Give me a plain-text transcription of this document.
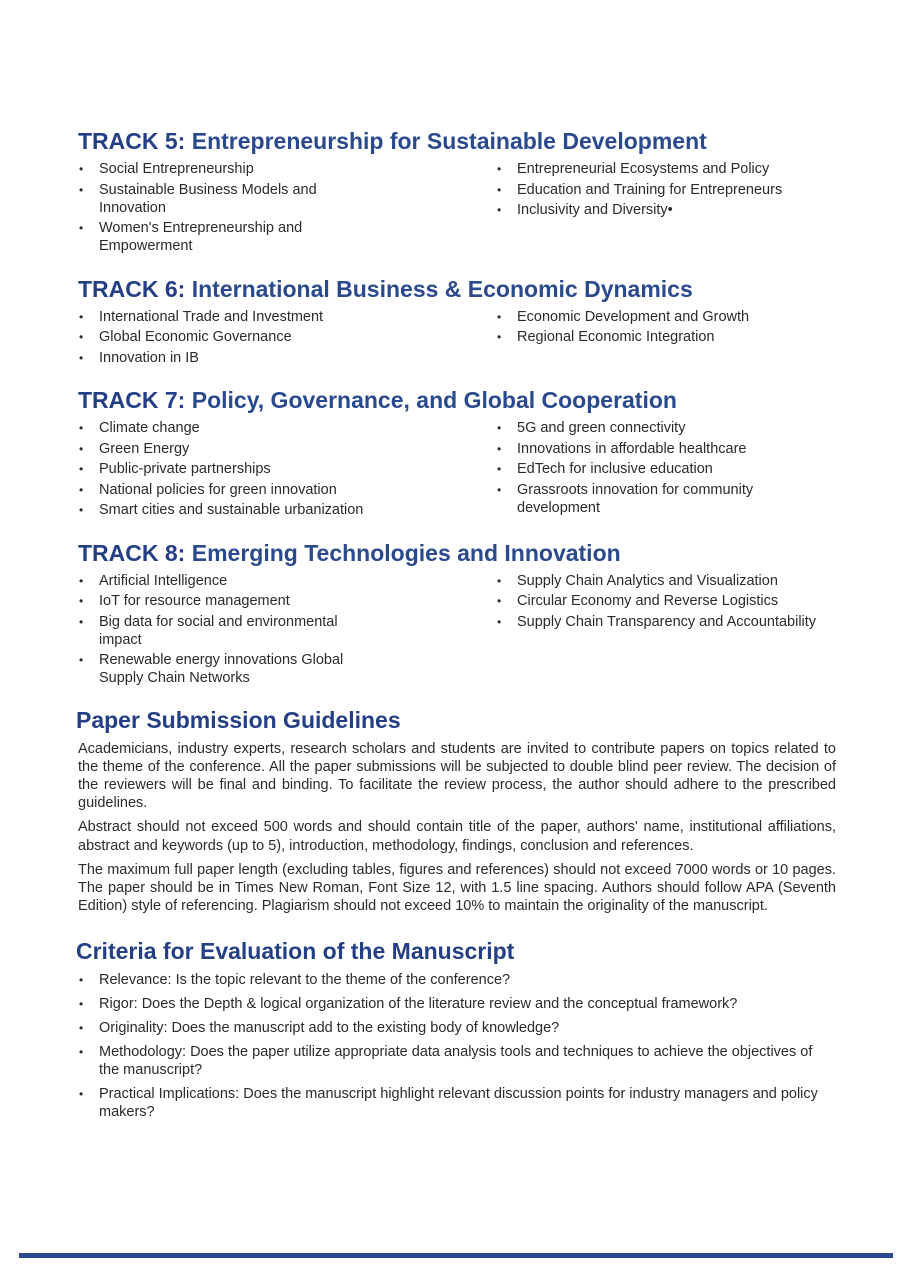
TRACK 5: Entrepreneurship for Sustainable Development
• Social Entrepreneurship
• Sustainable Business Models and Innovation
• Women's Entrepreneurship and Empowerment
• Entrepreneurial Ecosystems and Policy
• Education and Training for Entrepreneurs
• Inclusivity and Diversity•
TRACK 6: International Business & Economic Dynamics
• International Trade and Investment
• Global Economic Governance
• Innovation in IB
• Economic Development and Growth
• Regional Economic Integration
TRACK 7: Policy, Governance, and Global Cooperation
• Climate change
• Green Energy
• Public-private partnerships
• National policies for green innovation
• Smart cities and sustainable urbanization
• 5G and green connectivity
• Innovations in affordable healthcare
• EdTech for inclusive education
• Grassroots innovation for community development
TRACK 8: Emerging Technologies and Innovation
• Artificial Intelligence
• IoT for resource management
• Big data for social and environmental impact
• Renewable energy innovations Global Supply Chain Networks
• Supply Chain Analytics and Visualization
• Circular Economy and Reverse Logistics
• Supply Chain Transparency and Accountability
Paper Submission Guidelines

Academicians, industry experts, research scholars and students are invited to contribute papers on topics related to the theme of the conference. All the paper submissions will be subjected to double blind peer review. The decision of the reviewers will be final and binding. To facilitate the review process, the author should adhere to the prescribed guidelines.

Abstract should not exceed 500 words and should contain title of the paper, authors' name, institutional affiliations, abstract and keywords (up to 5), introduction, methodology, findings, conclusion and references.

The maximum full paper length (excluding tables, figures and references) should not exceed 7000 words or 10 pages. The paper should be in Times New Roman, Font Size 12, with 1.5 line spacing. Authors should follow APA (Seventh Edition) style of referencing. Plagiarism should not exceed 10% to maintain the originality of the manuscript.

Criteria for Evaluation of the Manuscript
• Relevance: Is the topic relevant to the theme of the conference?
• Rigor: Does the Depth & logical organization of the literature review and the conceptual framework?
• Originality: Does the manuscript add to the existing body of knowledge?
• Methodology: Does the paper utilize appropriate data analysis tools and techniques to achieve the objectives of the manuscript?
• Practical Implications: Does the manuscript highlight relevant discussion points for industry managers and policy makers?
